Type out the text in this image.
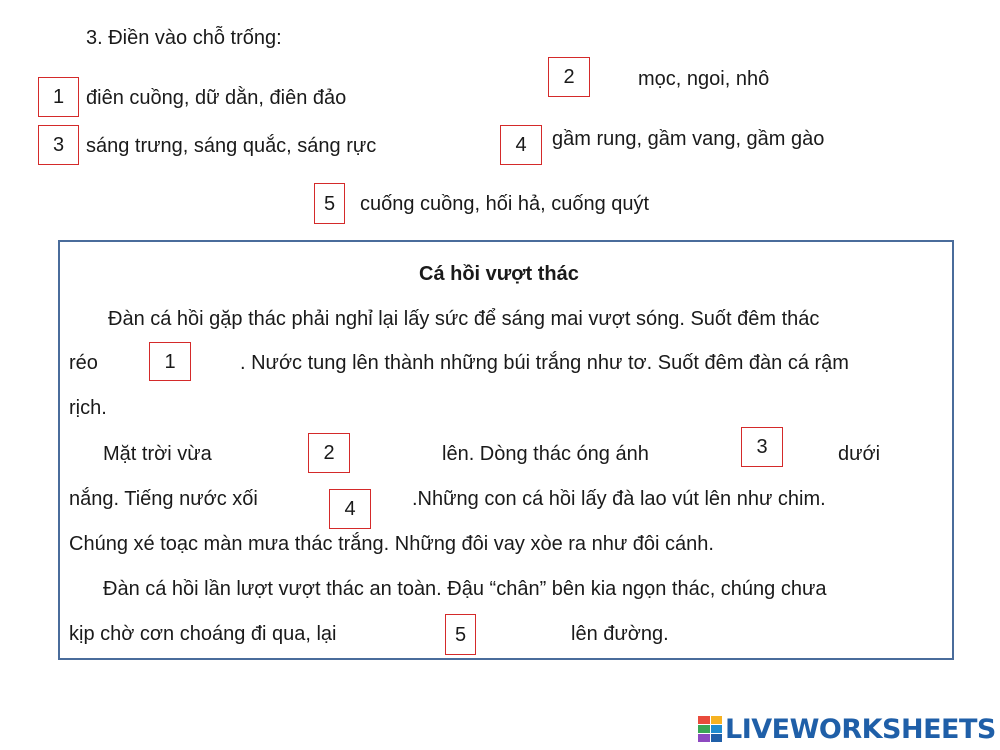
3. Điền vào chỗ trống:
1	điên cuồng, dữ dằn, điên đảo
2	mọc, ngoi, nhô
3	sáng trưng, sáng quắc, sáng rực	4	gầm rung, gầm vang, gầm gào
5	cuống cuồng, hối hả, cuống quýt
Cá hồi vượt thác
Đàn cá hồi gặp thác phải nghỉ lại lấy sức để sáng mai vượt sóng. Suốt đêm thác
réo	1	. Nước tung lên thành những búi trắng như tơ. Suốt đêm đàn cá rậm
rịch.
Mặt trời vừa	2	lên. Dòng thác óng ánh	3	dưới
nắng. Tiếng nước xối	4	.Những con cá hồi lấy đà lao vút lên như chim.
Chúng xé toạc màn mưa thác trắng. Những đôi vay xòe ra như đôi cánh.
Đàn cá hồi lần lượt vượt thác an toàn. Đậu “chân” bên kia ngọn thác, chúng chưa
kịp chờ cơn choáng đi qua, lại	5	lên đường.
LIVEWORKSHEETS
